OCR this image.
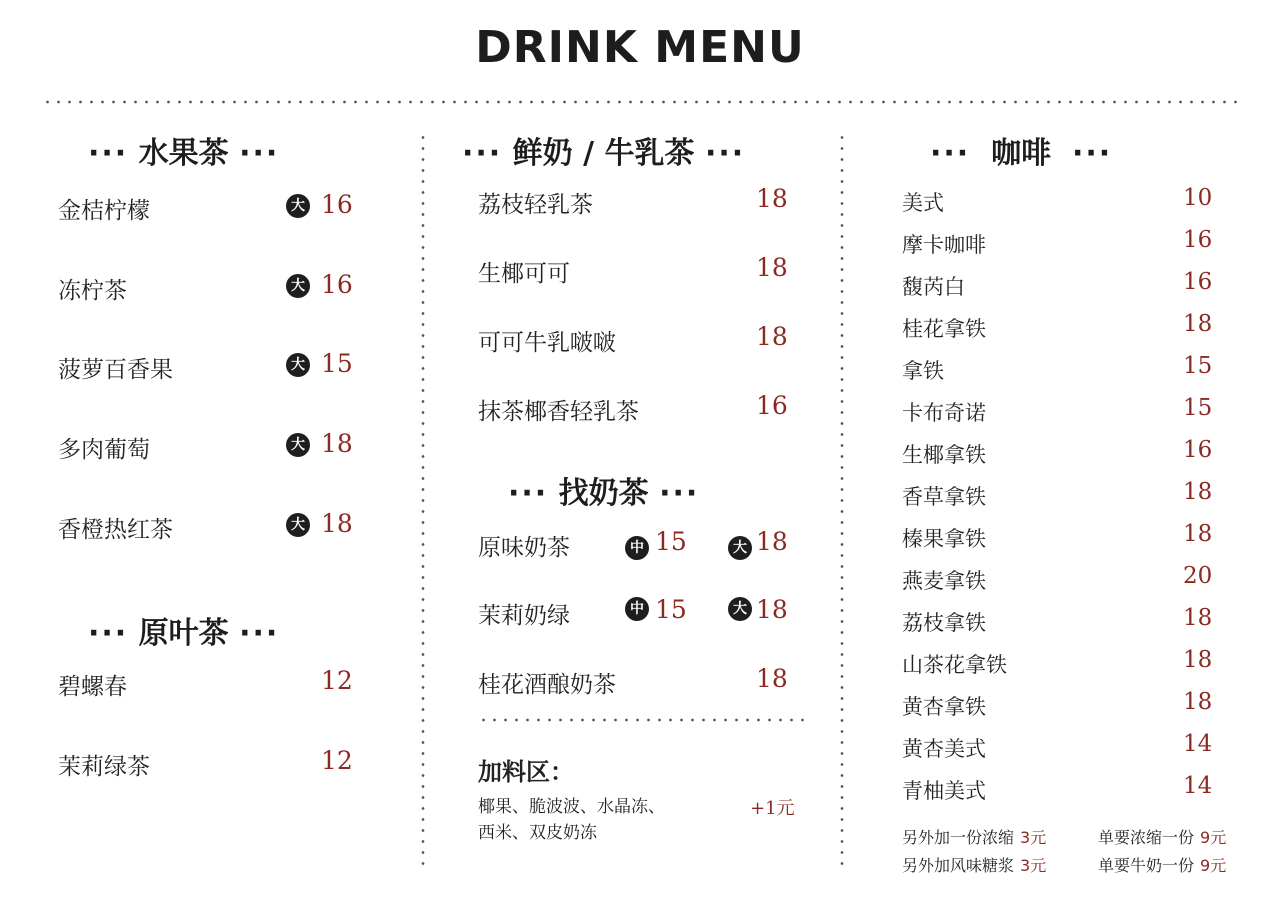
DRINK MENU
··· 水果茶 ···
金桔柠檬	大 16
冻柠茶	大 16
菠萝百香果	大 15
多肉葡萄	大 18
香橙热红茶	大 18
··· 原叶茶 ···
碧螺春	12
茉莉绿茶	12
··· 鲜奶 / 牛乳茶 ···
荔枝轻乳茶	18
生椰可可	18
可可牛乳啵啵	18
抹茶椰香轻乳茶	16
··· 找奶茶 ···
原味奶茶	中 15	大 18
茉莉奶绿	中 15	大 18
桂花酒酿奶茶	18
加料区：
椰果、脆波波、水晶冻、
西米、双皮奶冻
+1元
··· 咖啡 ···
美式	10
摩卡咖啡	16
馥芮白	16
桂花拿铁	18
拿铁	15
卡布奇诺	15
生椰拿铁	16
香草拿铁	18
榛果拿铁	18
燕麦拿铁	20
荔枝拿铁	18
山茶花拿铁	18
黄杏拿铁	18
黄杏美式	14
青柚美式	14
另外加一份浓缩 3元	单要浓缩一份 9元
另外加风味糖浆 3元	单要牛奶一份 9元
